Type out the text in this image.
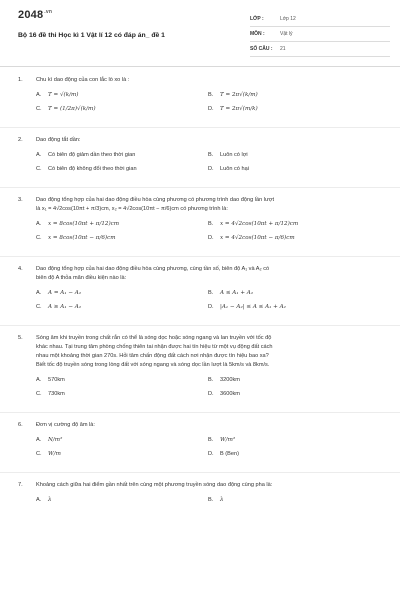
$2048^{.vn}$
Bộ 16 đề thi Học kì 1 Vật lí 12 có đáp án_ đề 1
LỚP :	Lớp 12
MÔN :	Vật lý
SỐ CÂU :	21
1.	Chu kì dao động của con lắc lò xo là :
A.	T = √(k/m)	B.	T = 2π√(k/m)
C.	T = (1/2π)√(k/m)	D.	T = 2π√(m/k)
2.	Dao động tắt dần:
A.	Có biên độ giảm dần theo thời gian	B.	Luôn có lợi
C.	Có biên độ không đổi theo thời gian	D.	Luôn có hại
3.	Dao động tổng hợp của hai dao động điều hòa cùng phương có phương trình dao động lần lượt
là x₁ = 4√2cos(10πt + π/3)cm, x₂ = 4√2cos(10πt − π/6)cm có phương trình là:
A.	x = 8cos(10πt + π/12)cm	B.	x = 4√2cos(10πt + π/12)cm
C.	x = 8cos(10πt − π/6)cm	D.	x = 4√2cos(10πt − π/6)cm
4.	Dao động tổng hợp của hai dao động điều hòa cùng phương, cùng tần số, biên độ A₁ và A₂ có
biên độ A thỏa mãn điều kiện nào là:
A.	A = A₁ − A₂	B.	A ≤ A₁ + A₂
C.	A ≥ A₁ − A₂	D.	|A₁ − A₂| ≤ A ≤ A₁ + A₂
5.	Sóng âm khi truyền trong chất rắn có thể là sóng dọc hoặc sóng ngang và lan truyền với tốc độ
khác nhau. Tại trung tâm phòng chống thiên tai nhận được hai tín hiệu từ một vụ động đất cách
nhau một khoảng thời gian 270s. Hỏi tâm chấn động đất cách nơi nhận được tín hiệu bao xa?
Biết tốc độ truyền sóng trong lòng đất với sóng ngang và sóng dọc lần lượt là 5km/s và 8km/s.
A.	570km	B.	3200km
C.	730km	D.	3600km
6.	Đơn vị cường độ âm là:
A.	N/m²	B.	W/m²
C.	W/m	D.	B (Ben)
7.	Khoảng cách giữa hai điểm gần nhất trên cùng một phương truyền sóng dao động cùng pha là:
A.	λ	B.	λ
